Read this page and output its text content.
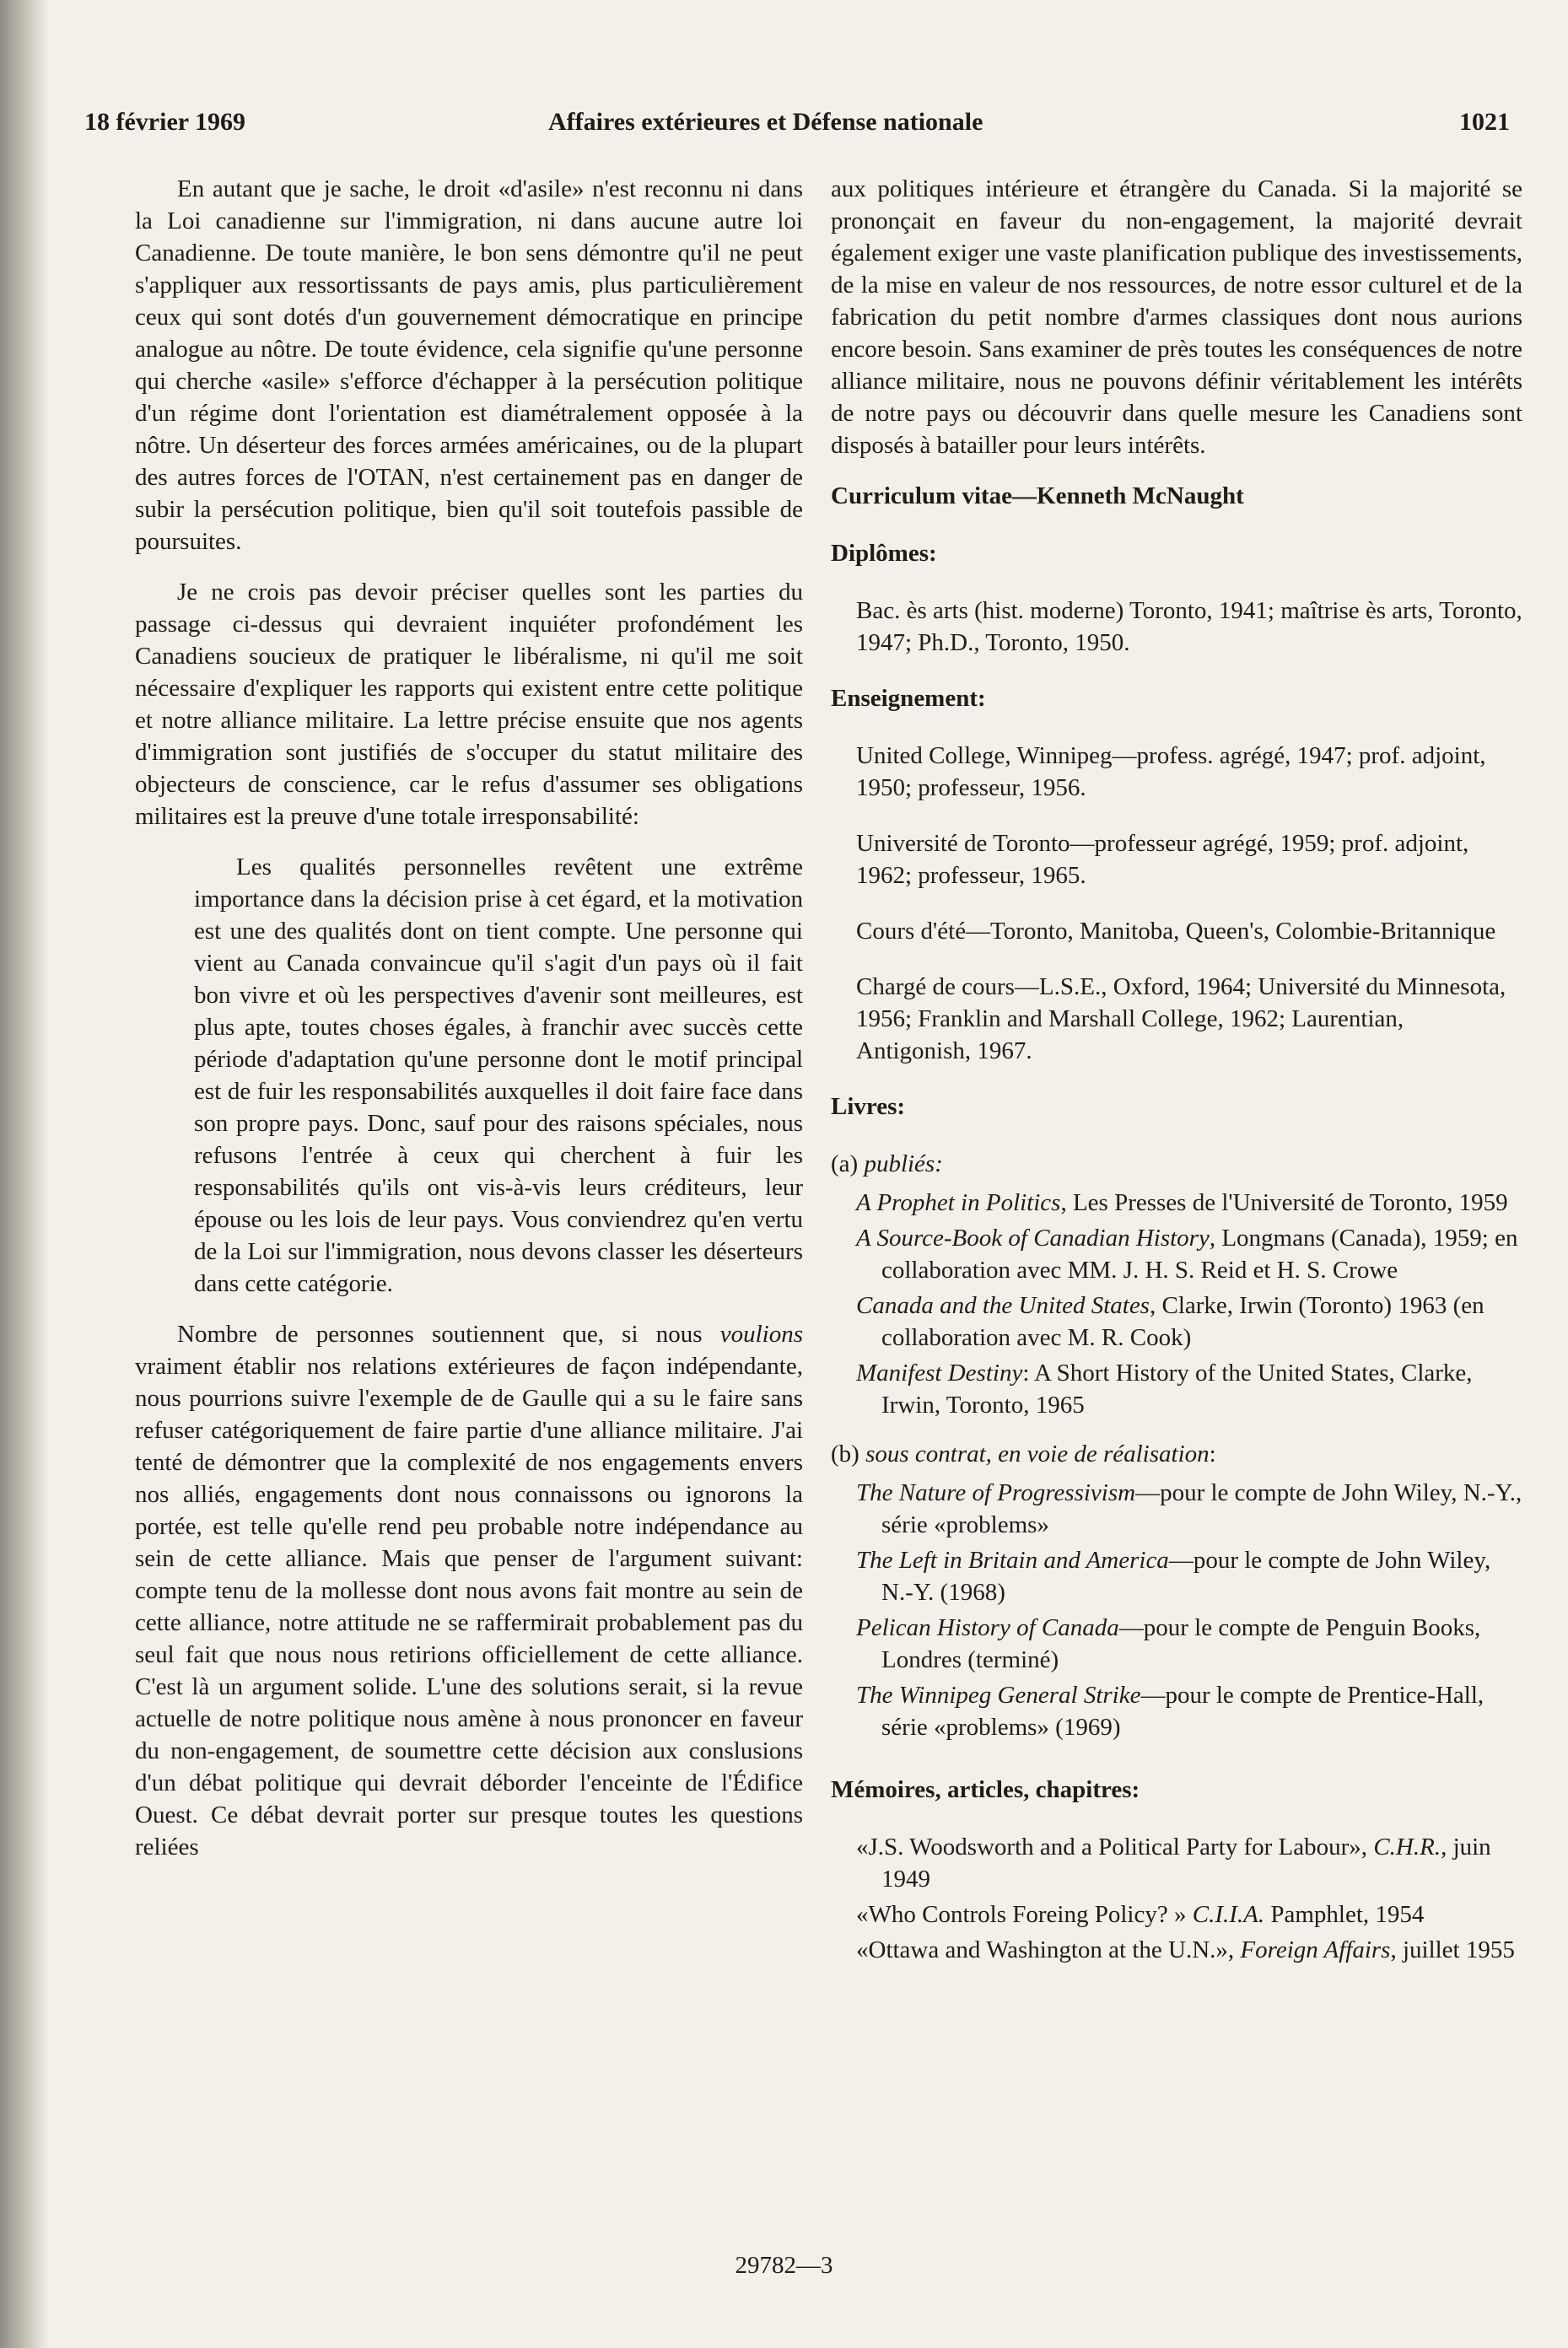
18 février 1969	Affaires extérieures et Défense nationale	1021

En autant que je sache, le droit «d'asile» n'est reconnu ni dans la Loi canadienne sur l'immigration, ni dans aucune autre loi Canadienne. De toute manière, le bon sens démontre qu'il ne peut s'appliquer aux ressortissants de pays amis, plus particulièrement ceux qui sont dotés d'un gouvernement démocratique en principe analogue au nôtre. De toute évidence, cela signifie qu'une personne qui cherche «asile» s'efforce d'échapper à la persécution politique d'un régime dont l'orientation est diamétralement opposée à la nôtre. Un déserteur des forces armées américaines, ou de la plupart des autres forces de l'OTAN, n'est certainement pas en danger de subir la persécution politique, bien qu'il soit toutefois passible de poursuites.

Je ne crois pas devoir préciser quelles sont les parties du passage ci-dessus qui devraient inquiéter profondément les Canadiens soucieux de pratiquer le libéralisme, ni qu'il me soit nécessaire d'expliquer les rapports qui existent entre cette politique et notre alliance militaire. La lettre précise ensuite que nos agents d'immigration sont justifiés de s'occuper du statut militaire des objecteurs de conscience, car le refus d'assumer ses obligations militaires est la preuve d'une totale irresponsabilité:

Les qualités personnelles revêtent une extrême importance dans la décision prise à cet égard, et la motivation est une des qualités dont on tient compte. Une personne qui vient au Canada convaincue qu'il s'agit d'un pays où il fait bon vivre et où les perspectives d'avenir sont meilleures, est plus apte, toutes choses égales, à franchir avec succès cette période d'adaptation qu'une personne dont le motif principal est de fuir les responsabilités auxquelles il doit faire face dans son propre pays. Donc, sauf pour des raisons spéciales, nous refusons l'entrée à ceux qui cherchent à fuir les responsabilités qu'ils ont vis-à-vis leurs créditeurs, leur épouse ou les lois de leur pays. Vous conviendrez qu'en vertu de la Loi sur l'immigration, nous devons classer les déserteurs dans cette catégorie.

Nombre de personnes soutiennent que, si nous voulions vraiment établir nos relations extérieures de façon indépendante, nous pourrions suivre l'exemple de de Gaulle qui a su le faire sans refuser catégoriquement de faire partie d'une alliance militaire. J'ai tenté de démontrer que la complexité de nos engagements envers nos alliés, engagements dont nous connaissons ou ignorons la portée, est telle qu'elle rend peu probable notre indépendance au sein de cette alliance. Mais que penser de l'argument suivant: compte tenu de la mollesse dont nous avons fait montre au sein de cette alliance, notre attitude ne se raffermirait probablement pas du seul fait que nous nous retirions officiellement de cette alliance. C'est là un argument solide. L'une des solutions serait, si la revue actuelle de notre politique nous amène à nous prononcer en faveur du non-engagement, de soumettre cette décision aux conslusions d'un débat politique qui devrait déborder l'enceinte de l'Édifice Ouest. Ce débat devrait porter sur presque toutes les questions reliées

aux politiques intérieure et étrangère du Canada. Si la majorité se prononçait en faveur du non-engagement, la majorité devrait également exiger une vaste planification publique des investissements, de la mise en valeur de nos ressources, de notre essor culturel et de la fabrication du petit nombre d'armes classiques dont nous aurions encore besoin. Sans examiner de près toutes les conséquences de notre alliance militaire, nous ne pouvons définir véritablement les intérêts de notre pays ou découvrir dans quelle mesure les Canadiens sont disposés à batailler pour leurs intérêts.

Curriculum vitae—Kenneth McNaught
Diplômes:
Bac. ès arts (hist. moderne) Toronto, 1941; maîtrise ès arts, Toronto, 1947; Ph.D., Toronto, 1950.
Enseignement:
United College, Winnipeg—profess. agrégé, 1947; prof. adjoint, 1950; professeur, 1956.
Université de Toronto—professeur agrégé, 1959; prof. adjoint, 1962; professeur, 1965.
Cours d'été—Toronto, Manitoba, Queen's, Colombie-Britannique
Chargé de cours—L.S.E., Oxford, 1964; Université du Minnesota, 1956; Franklin and Marshall College, 1962; Laurentian, Antigonish, 1967.
Livres:
(a) publiés:
A Prophet in Politics, Les Presses de l'Université de Toronto, 1959
A Source-Book of Canadian History, Longmans (Canada), 1959; en collaboration avec MM. J. H. S. Reid et H. S. Crowe
Canada and the United States, Clarke, Irwin (Toronto) 1963 (en collaboration avec M. R. Cook)
Manifest Destiny: A Short History of the United States, Clarke, Irwin, Toronto, 1965
(b) sous contrat, en voie de réalisation:
The Nature of Progressivism—pour le compte de John Wiley, N.-Y., série «problems»
The Left in Britain and America—pour le compte de John Wiley, N.-Y. (1968)
Pelican History of Canada—pour le compte de Penguin Books, Londres (terminé)
The Winnipeg General Strike—pour le compte de Prentice-Hall, série «problems» (1969)
Mémoires, articles, chapitres:
«J.S. Woodsworth and a Political Party for Labour», C.H.R., juin 1949
«Who Controls Foreing Policy? » C.I.I.A. Pamphlet, 1954
«Ottawa and Washington at the U.N.», Foreign Affairs, juillet 1955
29782—3
